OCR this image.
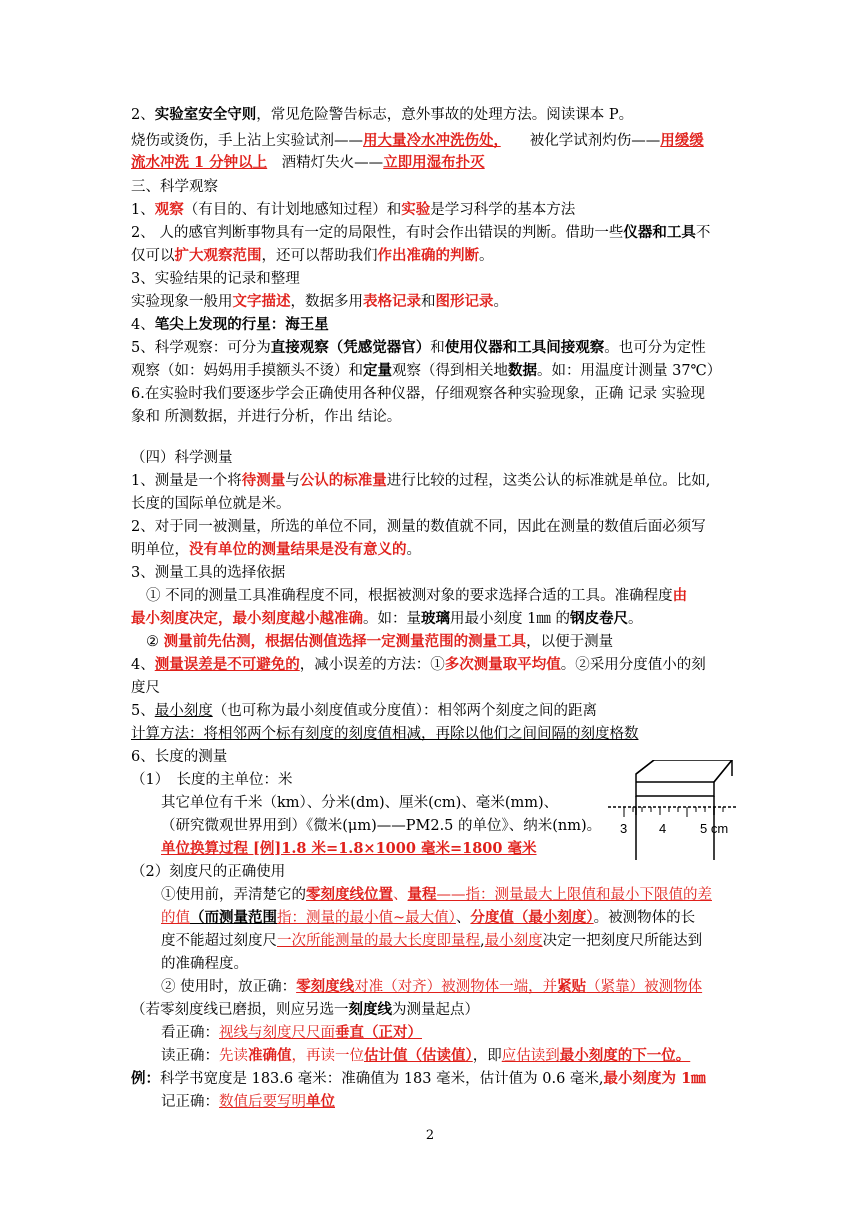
2、实验室安全守则，常见危险警告标志，意外事故的处理方法。阅读课本 P。
烧伤或烫伤，手上沾上实验试剂——用大量冷水冲洗伤处，　　被化学试剂灼伤——用缓缓
流水冲洗 1 分钟以上　酒精灯失火——立即用湿布扑灭
三、科学观察
1、观察（有目的、有计划地感知过程）和实验是学习科学的基本方法
2、 人的感官判断事物具有一定的局限性，有时会作出错误的判断。借助一些仪器和工具不
仅可以扩大观察范围，还可以帮助我们作出准确的判断。
3、实验结果的记录和整理
实验现象一般用文字描述，数据多用表格记录和图形记录。
4、笔尖上发现的行星：海王星
5、科学观察：可分为直接观察（凭感觉器官）和使用仪器和工具间接观察。也可分为定性
观察（如：妈妈用手摸额头不烫）和定量观察（得到相关地数据。如：用温度计测量 37℃）
6.在实验时我们要逐步学会正确使用各种仪器，仔细观察各种实验现象，正确 记录 实验现
象和 所测数据，并进行分析，作出 结论。
（四）科学测量
1、测量是一个将待测量与公认的标准量进行比较的过程，这类公认的标准就是单位。比如,
长度的国际单位就是米。
2、对于同一被测量，所选的单位不同，测量的数值就不同，因此在测量的数值后面必须写
明单位，没有单位的测量结果是没有意义的。
3、测量工具的选择依据
① 不同的测量工具准确程度不同，根据被测对象的要求选择合适的工具。准确程度由
最小刻度决定，最小刻度越小越准确。如：量玻璃用最小刻度 1㎜ 的钢皮卷尺。
② 测量前先估测，根据估测值选择一定测量范围的测量工具，以便于测量
4、测量误差是不可避免的，减小误差的方法：①多次测量取平均值。②采用分度值小的刻
度尺
5、最小刻度（也可称为最小刻度值或分度值）：相邻两个刻度之间的距离
计算方法：将相邻两个标有刻度的刻度值相减，再除以他们之间间隔的刻度格数
6、长度的测量
（1）　长度的主单位：米
其它单位有千米（km）、分米(dm)、厘米(cm)、毫米(mm)、
（研究微观世界用到）《微米(μm)——PM2.5 的单位》、纳米(nm)。
单位换算过程 [例]1.8 米=1.8×1000 毫米=1800 毫米
（2）刻度尺的正确使用
①使用前，弄清楚它的零刻度线位置、量程——指：测量最大上限值和最小下限值的差
的值（而测量范围指：测量的最小值~最大值）、分度值（最小刻度）。被测物体的长
度不能超过刻度尺一次所能测量的最大长度即量程,最小刻度决定一把刻度尺所能达到
的准确程度。
② 使用时，放正确：零刻度线对准（对齐）被测物体一端，并紧贴（紧靠）被测物体
（若零刻度线已磨损，则应另选一刻度线为测量起点）
看正确：视线与刻度尺尺面垂直（正对）
读正确：先读准确值，再读一位估计值（估读值），即应估读到最小刻度的下一位。
例：科学书宽度是 183.6 毫米：准确值为 183 毫米，估计值为 0.6 毫米,最小刻度为 1㎜
记正确：数值后要写明单位
3 4	5 cm
2
